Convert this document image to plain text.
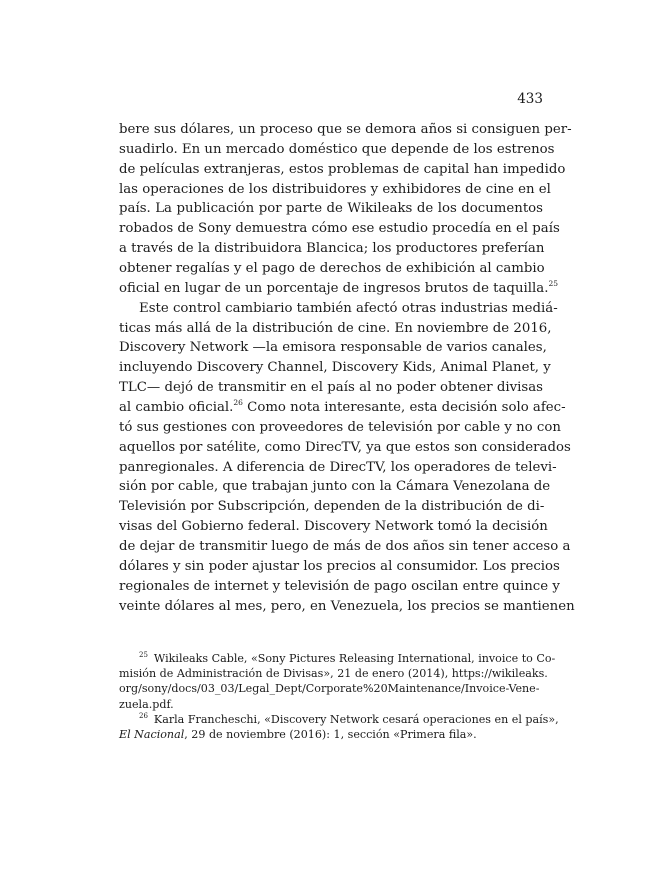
433
bere sus dólares, un proceso que se demora años si consiguen per-
suadirlo. En un mercado doméstico que depende de los estrenos
de películas extranjeras, estos problemas de capital han impedido
las operaciones de los distribuidores y exhibidores de cine en el
país. La publicación por parte de Wikileaks de los documentos
robados de Sony demuestra cómo ese estudio procedía en el país
a través de la distribuidora Blancica; los productores preferían
obtener regalías y el pago de derechos de exhibición al cambio
oficial en lugar de un porcentaje de ingresos brutos de taquilla.$^{25}$
Este control cambiario también afectó otras industrias mediá-
ticas más allá de la distribución de cine. En noviembre de 2016,
Discovery Network —la emisora responsable de varios canales,
incluyendo Discovery Channel, Discovery Kids, Animal Planet, y
TLC— dejó de transmitir en el país al no poder obtener divisas
al cambio oficial.$^{26}$ Como nota interesante, esta decisión solo afec-
tó sus gestiones con proveedores de televisión por cable y no con
aquellos por satélite, como DirecTV, ya que estos son considerados
panregionales. A diferencia de DirecTV, los operadores de televi-
sión por cable, que trabajan junto con la Cámara Venezolana de
Televisión por Subscripción, dependen de la distribución de di-
visas del Gobierno federal. Discovery Network tomó la decisión
de dejar de transmitir luego de más de dos años sin tener acceso a
dólares y sin poder ajustar los precios al consumidor. Los precios
regionales de internet y televisión de pago oscilan entre quince y
veinte dólares al mes, pero, en Venezuela, los precios se mantienen
$^{25}$ Wikileaks Cable, «Sony Pictures Releasing International, invoice to Co-
misión de Administración de Divisas», 21 de enero (2014), https://wikileaks.
org/sony/docs/03_03/Legal_Dept/Corporate%20Maintenance/Invoice-Vene-
zuela.pdf.
$^{26}$ Karla Francheschi, «Discovery Network cesará operaciones en el país»,
El Nacional, 29 de noviembre (2016): 1, sección «Primera fila».
